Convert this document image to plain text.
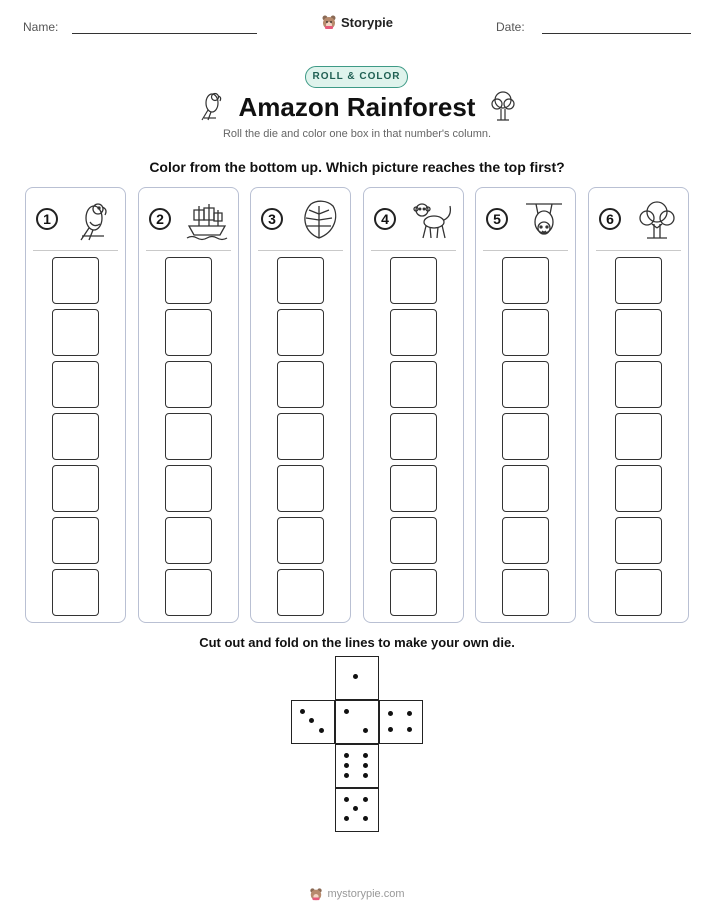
Name:	Storypie	Date:
ROLL & COLOR
Amazon Rainforest
Roll the die and color one box in that number's column.
Color from the bottom up. Which picture reaches the top first?
1	2	3	4	5	6
Cut out and fold on the lines to make your own die.
mystorypie.com
